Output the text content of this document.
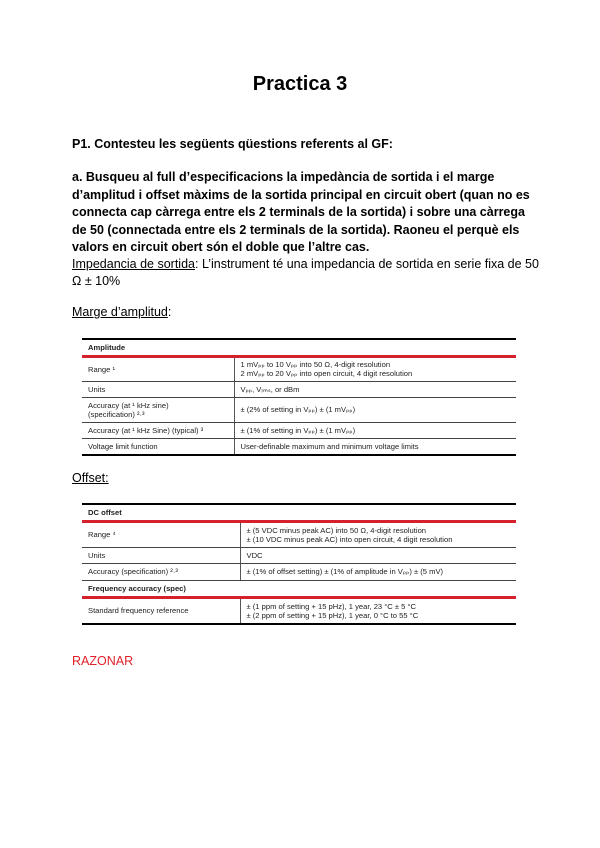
Practica 3
P1. Contesteu les següents qüestions referents al GF:
a. Busqueu al full d’especificacions la impedància de sortida i el marge d’amplitud i offset màxims de la sortida principal en circuit obert (quan no es connecta cap càrrega entre els 2 terminals de la sortida) i sobre una càrrega de 50 (connectada entre els 2 terminals de la sortida). Raoneu el perquè els valors en circuit obert són el doble que l’altre cas.
Impedancia de sortida: L’instrument té una impedancia de sortida en serie fixa de 50
Ω ± 10%
Marge d’amplitud:
Amplitude	
Range ¹	1 mVₚₚ to 10 Vₚₚ into 50 Ω, 4-digit resolution
2 mVₚₚ to 20 Vₚₚ into open circuit, 4 digit resolution

Units	Vₚₚ, Vᵣₘₛ, or dBm

Accuracy (at ¹ kHz sine)
(specification) ²·³	± (2% of setting in Vₚₚ) ± (1 mVₚₚ)
Accuracy (at ¹ kHz Sine) (typical) ³	± (1% of setting in Vₚₚ) ± (1 mVₚₚ)
Voltage limit function	User-definable maximum and minimum voltage limits
Offset:
DC offset	
Range ⁴	± (5 VDC minus peak AC) into 50 Ω, 4-digit resolution
± (10 VDC minus peak AC) into open circuit, 4 digit resolution

Units	VDC
Accuracy (specification) ²·³	± (1% of offset setting) ± (1% of amplitude in Vₚₚ) ± (5 mV)
Frequency accuracy (spec)	
Standard frequency reference	± (1 ppm of setting + 15 pHz), 1 year, 23 °C ± 5 °C
± (2 ppm of setting + 15 pHz), 1 year, 0 °C to 55 °C
RAZONAR
